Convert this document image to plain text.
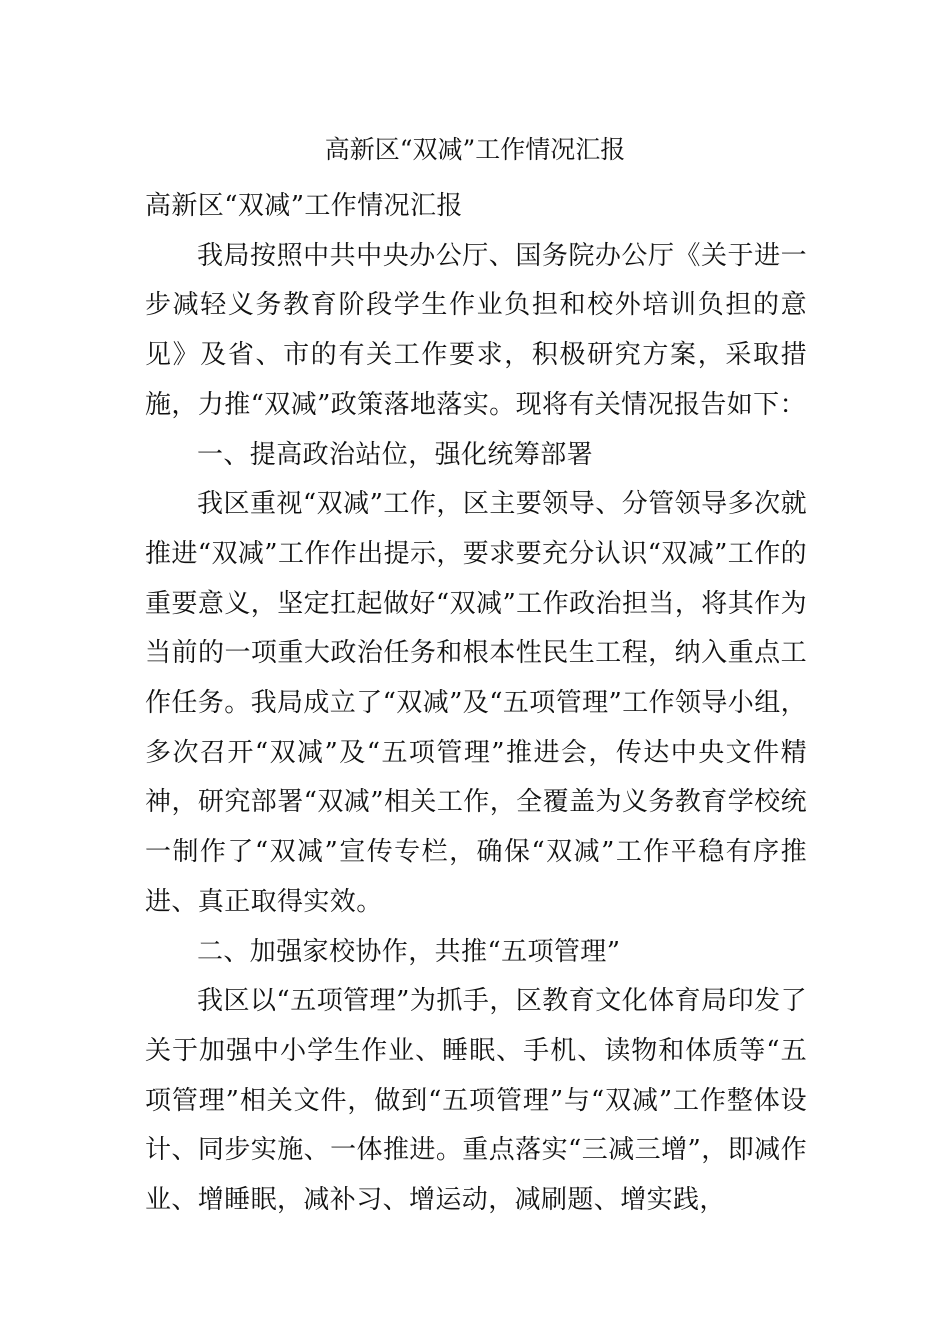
高新区“双减”工作情况汇报

高新区“双减”工作情况汇报

我局按照中共中央办公厅、国务院办公厅《关于进一步减轻义务教育阶段学生作业负担和校外培训负担的意见》及省、市的有关工作要求，积极研究方案，采取措施，力推“双减”政策落地落实。现将有关情况报告如下：

一、提高政治站位，强化统筹部署

我区重视“双减”工作，区主要领导、分管领导多次就推进“双减”工作作出提示，要求要充分认识“双减”工作的重要意义，坚定扛起做好“双减”工作政治担当，将其作为当前的一项重大政治任务和根本性民生工程，纳入重点工作任务。我局成立了“双减”及“五项管理”工作领导小组，多次召开“双减”及“五项管理”推进会，传达中央文件精神，研究部署“双减”相关工作，全覆盖为义务教育学校统一制作了“双减”宣传专栏，确保“双减”工作平稳有序推进、真正取得实效。

二、加强家校协作，共推“五项管理”

我区以“五项管理”为抓手，区教育文化体育局印发了关于加强中小学生作业、睡眠、手机、读物和体质等“五项管理”相关文件，做到“五项管理”与“双减”工作整体设计、同步实施、一体推进。重点落实“三减三增”，即减作业、增睡眠，减补习、增运动，减刷题、增实践，
